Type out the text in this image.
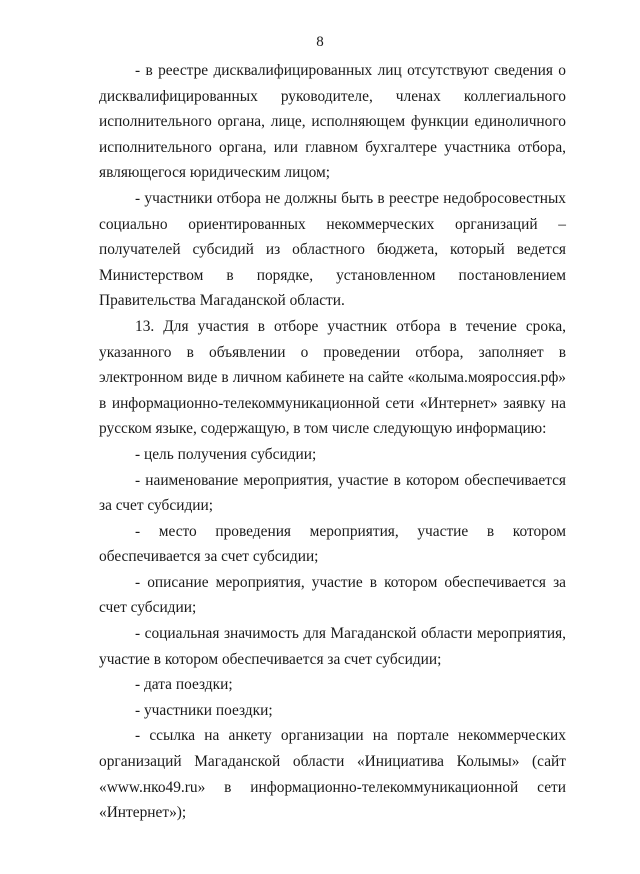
8

- в реестре дисквалифицированных лиц отсутствуют сведения о дисквалифицированных руководителе, членах коллегиального исполнительного органа, лице, исполняющем функции единоличного исполнительного органа, или главном бухгалтере участника отбора, являющегося юридическим лицом;

- участники отбора не должны быть в реестре недобросовестных социально ориентированных некоммерческих организаций – получателей субсидий из областного бюджета, который ведется Министерством в порядке, установленном постановлением Правительства Магаданской области.

13. Для участия в отборе участник отбора в течение срока, указанного в объявлении о проведении отбора, заполняет в электронном виде в личном кабинете на сайте «колыма.мояроссия.рф» в информационно-телекоммуникационной сети «Интернет» заявку на русском языке, содержащую, в том числе следующую информацию:

- цель получения субсидии;

- наименование мероприятия, участие в котором обеспечивается за счет субсидии;

- место проведения мероприятия, участие в котором обеспечивается за счет субсидии;

- описание мероприятия, участие в котором обеспечивается за счет субсидии;

- социальная значимость для Магаданской области мероприятия, участие в котором обеспечивается за счет субсидии;

- дата поездки;

- участники поездки;

- ссылка на анкету организации на портале некоммерческих организаций Магаданской области «Инициатива Колымы» (сайт «www.нко49.ru» в информационно-телекоммуникационной сети «Интернет»);
